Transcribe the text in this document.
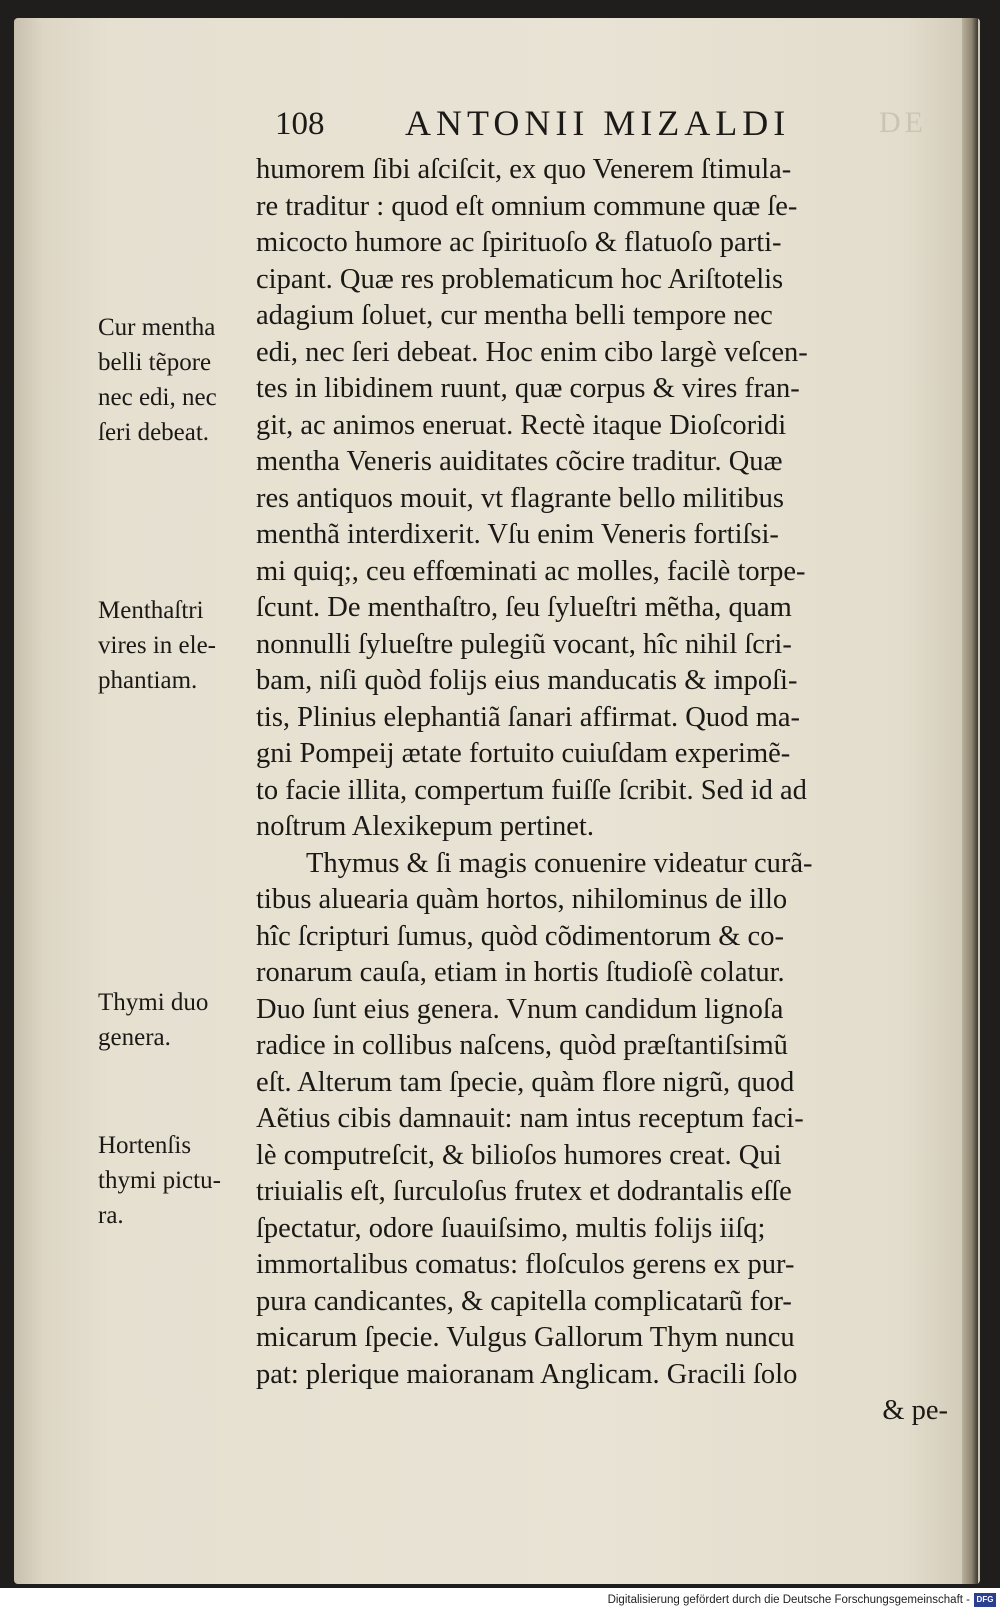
DE
108 ANTONII MIZALDI
humorem ſibi aſciſcit, ex quo Venerem ſtimula-
re traditur : quod eſt omnium commune quæ ſe-
micocto humore ac ſpirituoſo & flatuoſo parti-
cipant. Quæ res problematicum hoc Ariſtotelis
adagium ſoluet, cur mentha belli tempore nec
edi, nec ſeri debeat. Hoc enim cibo largè veſcen-
tes in libidinem ruunt, quæ corpus & vires fran-
git, ac animos eneruat. Rectè itaque Dioſcoridi
mentha Veneris auiditates cõcire traditur. Quæ
res antiquos mouit, vt flagrante bello militibus
menthã interdixerit. Vſu enim Veneris fortiſsi-
mi quiq;, ceu effœminati ac molles, facilè torpe-
ſcunt. De menthaſtro, ſeu ſylueſtri mẽtha, quam
nonnulli ſylueſtre pulegiũ vocant, hîc nihil ſcri-
bam, niſi quòd folijs eius manducatis & impoſi-
tis, Plinius elephantiã ſanari affirmat. Quod ma-
gni Pompeij ætate fortuito cuiuſdam experimẽ-
to facie illita, compertum fuiſſe ſcribit. Sed id ad
noſtrum Alexikepum pertinet.
Thymus & ſi magis conuenire videatur curã-
tibus aluearia quàm hortos, nihilominus de illo
hîc ſcripturi ſumus, quòd cõdimentorum & co-
ronarum cauſa, etiam in hortis ſtudioſè colatur.
Duo ſunt eius genera. Vnum candidum lignoſa
radice in collibus naſcens, quòd præſtantiſsimũ
eſt. Alterum tam ſpecie, quàm flore nigrũ, quod
Aẽtius cibis damnauit: nam intus receptum faci-
lè computreſcit, & bilioſos humores creat. Qui
triuialis eſt, ſurculoſus frutex et dodrantalis eſſe
ſpectatur, odore ſuauiſsimo, multis folijs iiſq;
immortalibus comatus: floſculos gerens ex pur-
pura candicantes, & capitella complicatarũ for-
micarum ſpecie. Vulgus Gallorum Thym nuncu
pat: plerique maioranam Anglicam. Gracili ſolo
& pe-
Cur mentha
belli tẽpore
nec edi, nec
ſeri debeat.
Menthaſtri
vires in ele-
phantiam.
Thymi duo
genera.
Hortenſis
thymi pictu-
ra.
Digitalisierung gefördert durch die Deutsche Forschungsgemeinschaft - DFG
